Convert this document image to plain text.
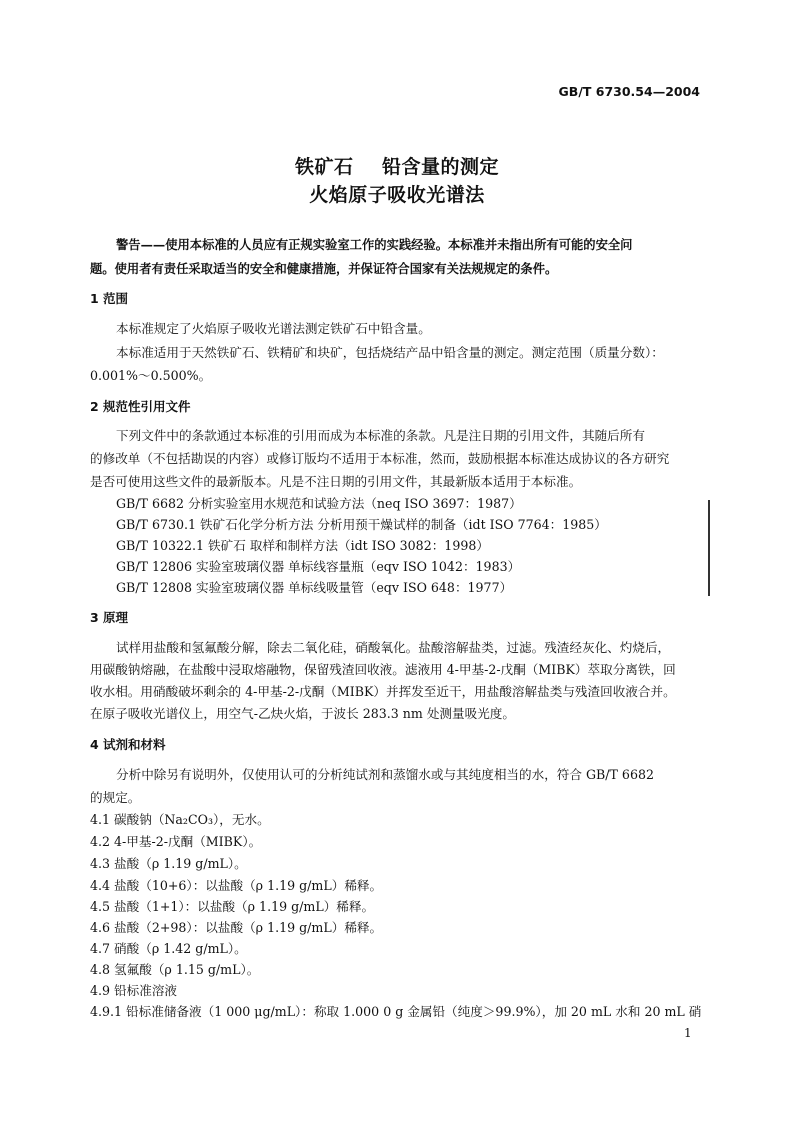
GB/T 6730.54—2004
铁矿石    铅含量的测定
火焰原子吸收光谱法
警告——使用本标准的人员应有正规实验室工作的实践经验。本标准并未指出所有可能的安全问
题。使用者有责任采取适当的安全和健康措施，并保证符合国家有关法规规定的条件。
1 范围
本标准规定了火焰原子吸收光谱法测定铁矿石中铅含量。
本标准适用于天然铁矿石、铁精矿和块矿，包括烧结产品中铅含量的测定。测定范围（质量分数）：
0.001%～0.500%。
2 规范性引用文件
下列文件中的条款通过本标准的引用而成为本标准的条款。凡是注日期的引用文件，其随后所有
的修改单（不包括勘误的内容）或修订版均不适用于本标准，然而，鼓励根据本标准达成协议的各方研究
是否可使用这些文件的最新版本。凡是不注日期的引用文件，其最新版本适用于本标准。
GB/T 6682 分析实验室用水规范和试验方法（neq ISO 3697：1987）
GB/T 6730.1 铁矿石化学分析方法 分析用预干燥试样的制备（idt ISO 7764：1985）
GB/T 10322.1 铁矿石 取样和制样方法（idt ISO 3082：1998）
GB/T 12806 实验室玻璃仪器 单标线容量瓶（eqv ISO 1042：1983）
GB/T 12808 实验室玻璃仪器 单标线吸量管（eqv ISO 648：1977）
3 原理
试样用盐酸和氢氟酸分解，除去二氧化硅，硝酸氧化。盐酸溶解盐类，过滤。残渣经灰化、灼烧后，
用碳酸钠熔融，在盐酸中浸取熔融物，保留残渣回收液。滤液用 4-甲基-2-戊酮（MIBK）萃取分离铁，回
收水相。用硝酸破坏剩余的 4-甲基-2-戊酮（MIBK）并挥发至近干，用盐酸溶解盐类与残渣回收液合并。
在原子吸收光谱仪上，用空气-乙炔火焰，于波长 283.3 nm 处测量吸光度。
4 试剂和材料
分析中除另有说明外，仅使用认可的分析纯试剂和蒸馏水或与其纯度相当的水，符合 GB/T 6682
的规定。
4.1 碳酸钠（Na₂CO₃），无水。
4.2 4-甲基-2-戊酮（MIBK）。
4.3 盐酸（ρ 1.19 g/mL）。
4.4 盐酸（10+6）：以盐酸（ρ 1.19 g/mL）稀释。
4.5 盐酸（1+1）：以盐酸（ρ 1.19 g/mL）稀释。
4.6 盐酸（2+98）：以盐酸（ρ 1.19 g/mL）稀释。
4.7 硝酸（ρ 1.42 g/mL）。
4.8 氢氟酸（ρ 1.15 g/mL）。
4.9 铅标准溶液
4.9.1 铅标准储备液（1 000 μg/mL）：称取 1.000 0 g 金属铅（纯度＞99.9%），加 20 mL 水和 20 mL 硝
1
